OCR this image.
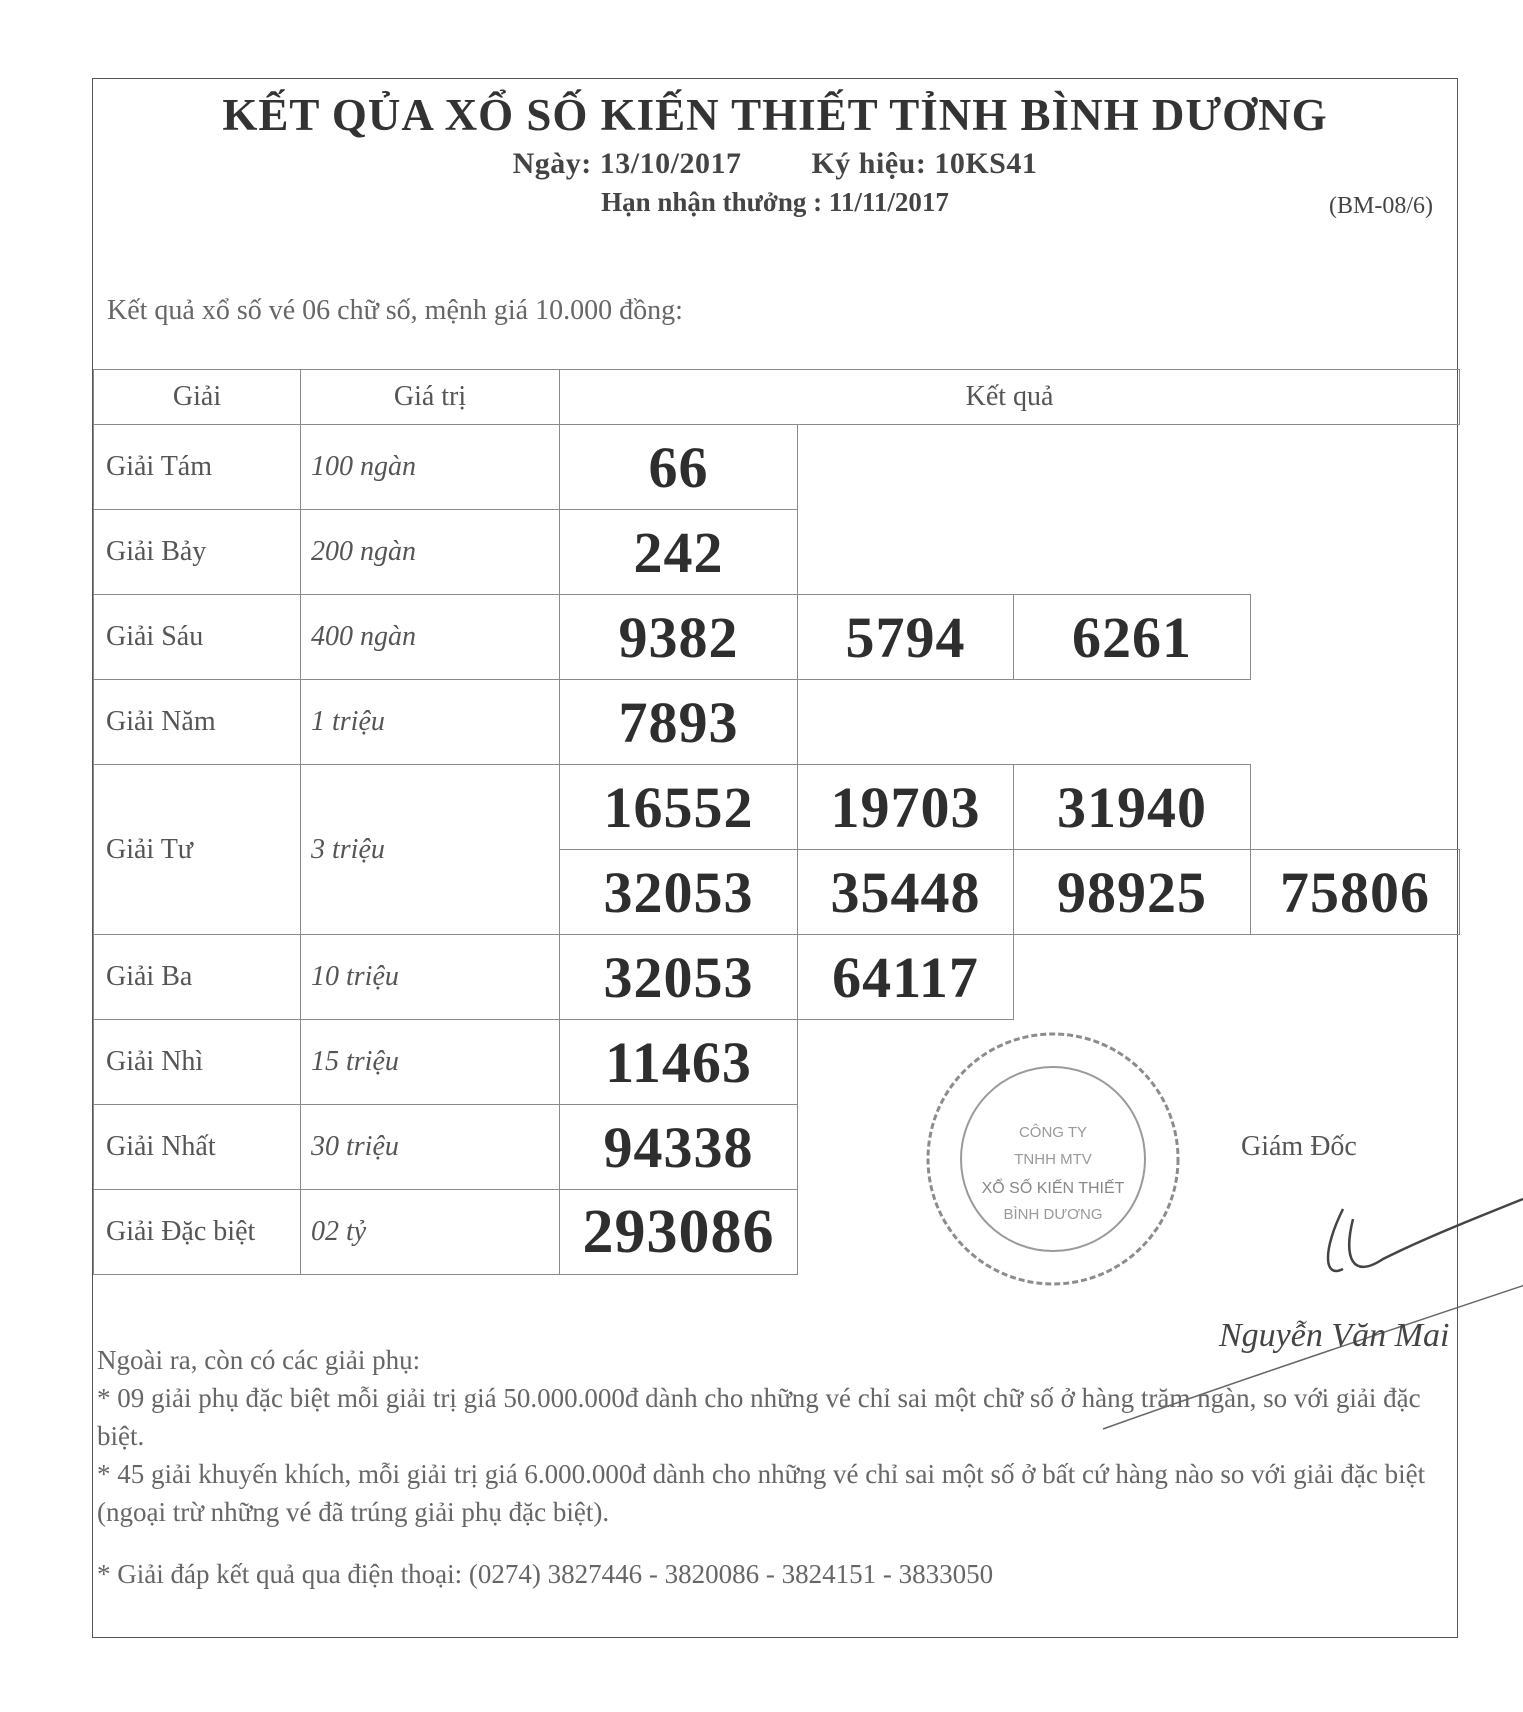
KẾT QỦA XỔ SỐ KIẾN THIẾT TỈNH BÌNH DƯƠNG
Ngày: 13/10/2017 Ký hiệu: 10KS41
Hạn nhận thưởng : 11/11/2017	(BM-08/6)
Kết quả xổ số vé 06 chữ số, mệnh giá 10.000 đồng:
Giải	Giá trị	Kết quả			
Giải Tám	100 ngàn	66			
Giải Bảy	200 ngàn	242			
Giải Sáu	400 ngàn	9382	5794	6261	
Giải Năm	1 triệu	7893			
Giải Tư	3 triệu	16552	19703	31940	
		32053	35448	98925	75806
Giải Ba	10 triệu	32053	64117		
Giải Nhì	15 triệu	11463			
Giải Nhất	30 triệu	94338			
Giải Đặc biệt	02 tỷ	293086			
CÔNG TY
TNHH MTV
XỔ SỐ KIẾN THIẾT
BÌNH DƯƠNG
Giám Đốc
Nguyễn Văn Mai

Ngoài ra, còn có các giải phụ:

* 09 giải phụ đặc biệt mỗi giải trị giá 50.000.000đ dành cho những vé chỉ sai một chữ số ở hàng trăm ngàn, so với giải đặc biệt.

* 45 giải khuyến khích, mỗi giải trị giá 6.000.000đ dành cho những vé chỉ sai một số ở bất cứ hàng nào so với giải đặc biệt (ngoại trừ những vé đã trúng giải phụ đặc biệt).

* Giải đáp kết quả qua điện thoại: (0274) 3827446 - 3820086 - 3824151 - 3833050
